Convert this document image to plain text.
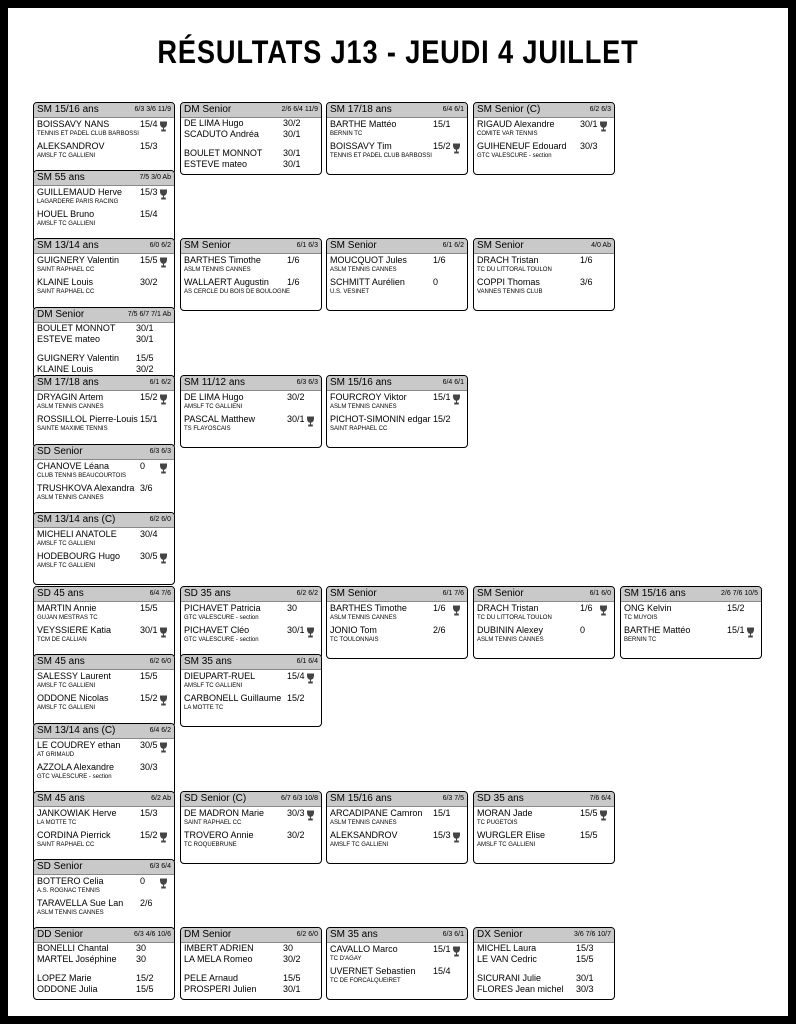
RÉSULTATS J13 - JEUDI 4 JUILLET
SM 15/16 ans	6/3 3/6 11/9
BOISSAVY NANS	15/4
TENNIS ET PADEL CLUB BARBOSSI
ALEKSANDROV	15/3
AMSLF TC GALLIENI
DM Senior	2/6 6/4 11/9
DE LIMA Hugo	30/2
SCADUTO Andréa	30/1
BOULET MONNOT 30/1
ESTEVE mateo	30/1
SM 17/18 ans	6/4 6/1
BARTHE Mattéo	15/1
BERNIN TC
BOISSAVY Tim	15/2
TENNIS ET PADEL CLUB BARBOSSI
SM Senior (C)	6/2 6/3
RIGAUD Alexandre	30/1
COMITE VAR TENNIS
GUIHENEUF Edouard 30/3
GTC VALESCURE - section
SM 55 ans	7/5 3/0 Ab
GUILLEMAUD Herve 15/3
LAGARDERE PARIS RACING
HOUEL Bruno	15/4
AMSLF TC GALLIENI
SM 13/14 ans	6/0 6/2
GUIGNERY Valentin 15/5
SAINT RAPHAEL CC
KLAINE Louis	30/2
SAINT RAPHAEL CC
SM Senior	6/1 6/3
BARTHES Timothe	1/6
ASLM TENNIS CANNES
WALLAERT Augustin 1/6
AS CERCLE DU BOIS DE BOULOGNE
SM Senior	6/1 6/2
MOUCQUOT Jules	1/6
ASLM TENNIS CANNES
SCHMITT Aurélien	0
U.S. VESINET
SM Senior	4/0 Ab
DRACH Tristan	1/6
TC DU LITTORAL TOULON
COPPI Thomas	3/6
VANNES TENNIS CLUB
DM Senior	7/5 6/7 7/1 Ab
BOULET MONNOT 30/1
ESTEVE mateo	30/1
GUIGNERY Valentin 15/5
KLAINE Louis	30/2
SM 17/18 ans	6/1 6/2
DRYAGIN Artem	15/2
ASLM TENNIS CANNES
ROSSILLOL Pierre-Louis 15/1
SAINTE MAXIME TENNIS
SM 11/12 ans	6/3 6/3
DE LIMA Hugo	30/2
AMSLF TC GALLIENI
PASCAL Matthew	30/1
TS FLAYOSCAIS
SM 15/16 ans	6/4 6/1
FOURCROY Viktor	15/1
ASLM TENNIS CANNES
PICHOT-SIMONIN edgar 15/2
SAINT RAPHAEL CC
SD Senior	6/3 6/3
CHANOVE Léana	0
CLUB TENNIS BEAUCOURTOIS
TRUSHKOVA Alexandra 3/6
ASLM TENNIS CANNES
SM 13/14 ans (C)	6/2 6/0
MICHELI ANATOLE	30/4
AMSLF TC GALLIENI
HODEBOURG Hugo 30/5
AMSLF TC GALLIENI
SD 45 ans	6/4 7/6
MARTIN Annie	15/5
GUJAN MESTRAS TC
VEYSSIERE Katia	30/1
TCM DE CALLIAN
SD 35 ans	6/2 6/2
PICHAVET Patricia	30
GTC VALESCURE - section
PICHAVET Cléo	30/1
GTC VALESCURE - section
SM Senior	6/1 7/6
BARTHES Timothe	1/6
ASLM TENNIS CANNES
JONIO Tom	2/6
TC TOULONNAIS
SM Senior	6/1 6/0
DRACH Tristan	1/6
TC DU LITTORAL TOULON
DUBININ Alexey	0
ASLM TENNIS CANNES
SM 15/16 ans	2/6 7/6 10/5
ONG Kelvin	15/2
TC MUYOIS
BARTHE Mattéo	15/1
BERNIN TC
SM 45 ans	6/2 6/0
SALESSY Laurent	15/5
AMSLF TC GALLIENI
ODDONE Nicolas	15/2
AMSLF TC GALLIENI
SM 35 ans	6/1 6/4
DIEUPART-RUEL	15/4
AMSLF TC GALLIENI
CARBONELL Guillaume 15/2
LA MOTTE TC
SM 13/14 ans (C)	6/4 6/2
LE COUDREY ethan 30/5
AT GRIMAUD
AZZOLA Alexandre	30/3
GTC VALESCURE - section
SM 45 ans	6/2 Ab
JANKOWIAK Herve	15/3
LA MOTTE TC
CORDINA Pierrick	15/2
SAINT RAPHAEL CC
SD Senior (C)	6/7 6/3 10/8
DE MADRON Marie	30/3
SAINT RAPHAEL CC
TROVERO Annie	30/2
TC ROQUEBRUNE
SM 15/16 ans	6/3 7/5
ARCADIPANE Camron 15/1
ASLM TENNIS CANNES
ALEKSANDROV	15/3
AMSLF TC GALLIENI
SD 35 ans	7/6 6/4
MORAN Jade	15/5
TC PUGETOIS
WURGLER Elise	15/5
AMSLF TC GALLIENI
SD Senior	6/3 6/4
BOTTERO Celia	0
A.S. ROGNAC TENNIS
TARAVELLA Sue Lan 2/6
ASLM TENNIS CANNES
DD Senior	6/3 4/6 10/6
BONELLI Chantal	30
MARTEL Joséphine 30
LOPEZ Marie	15/2
ODDONE Julia	15/5
DM Senior	6/2 6/0
IMBERT ADRIEN	30
LA MELA Romeo	30/2
PELE Arnaud	15/5
PROSPERI Julien	30/1
SM 35 ans	6/3 6/1
CAVALLO Marco	15/1
TC D'AGAY
UVERNET Sebastien 15/4
TC DE FORCALQUEIRET
DX Senior	3/6 7/6 10/7
MICHEL Laura	15/3
LE VAN Cedric	15/5
SICURANI Julie	30/1
FLORES Jean michel 30/3
